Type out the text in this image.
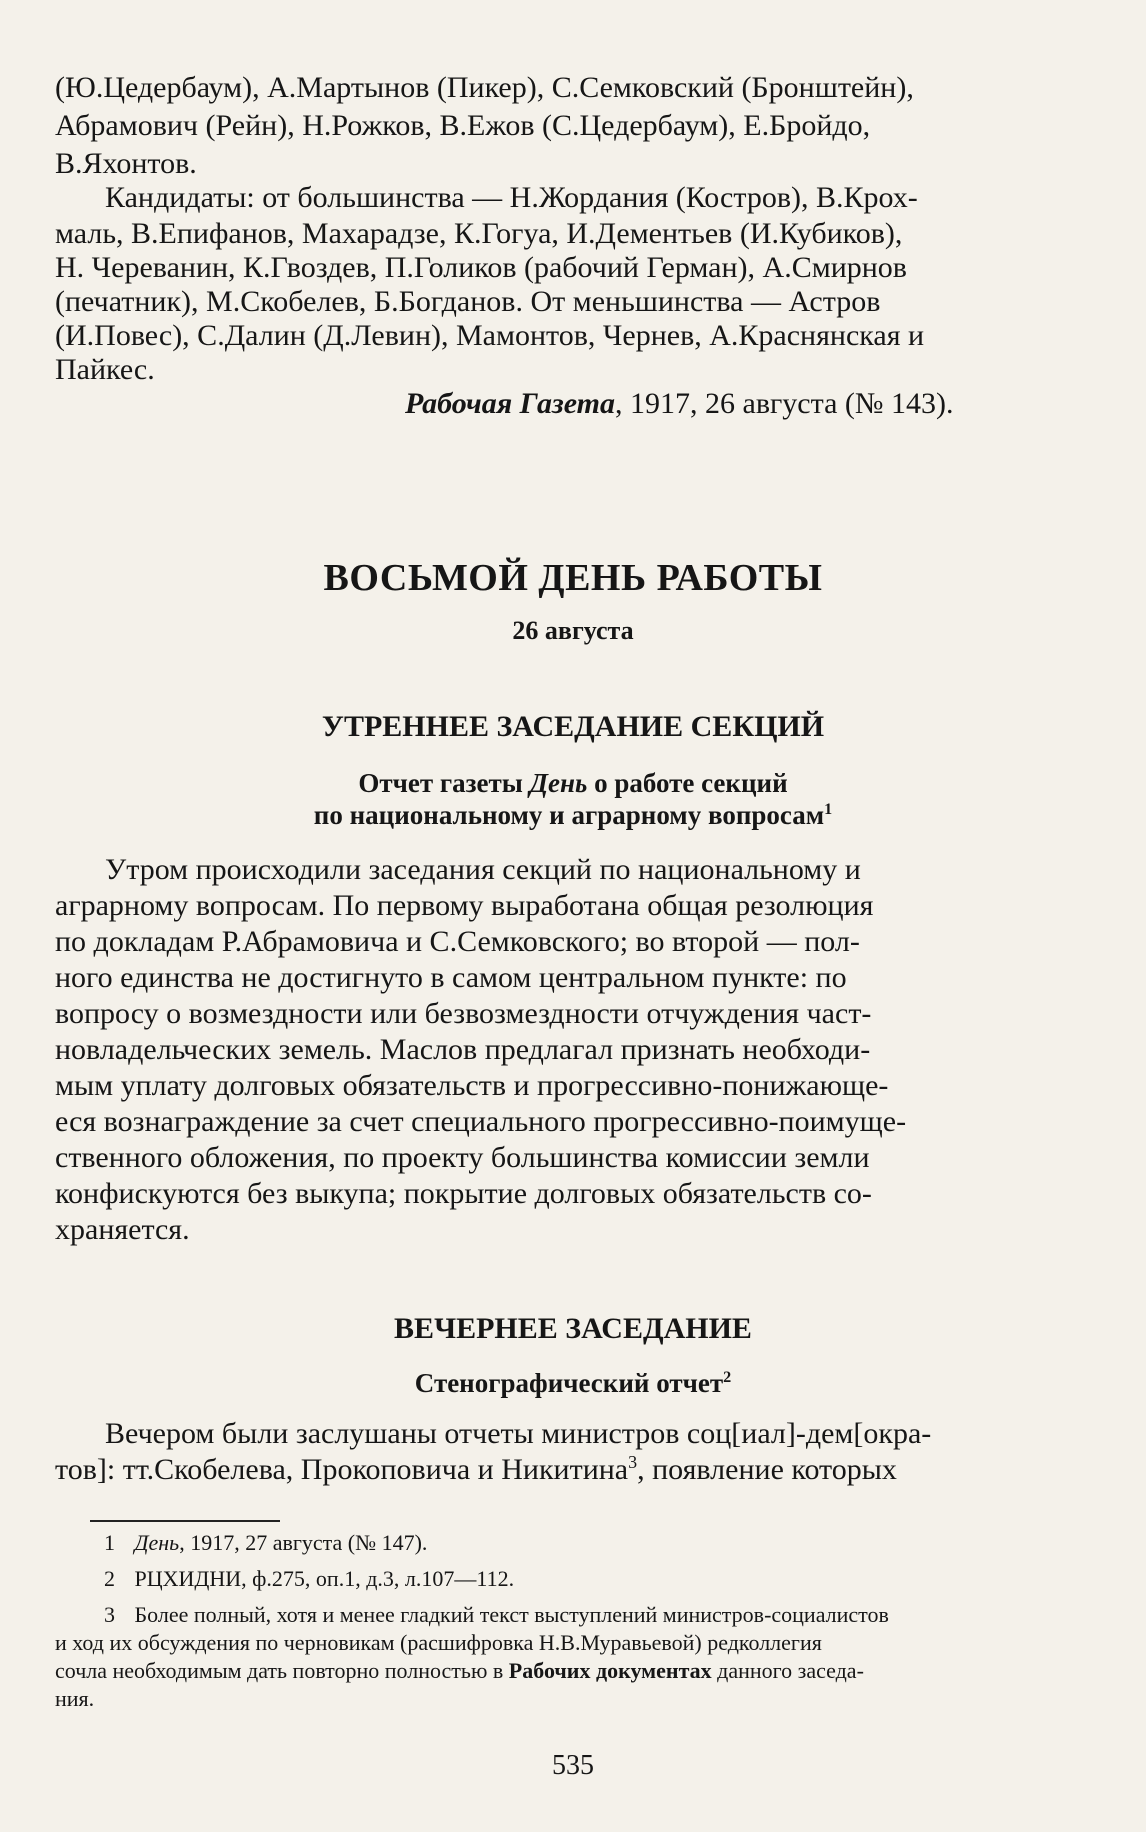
(Ю.Цедербаум), А.Мартынов (Пикер), С.Семковский (Бронштейн),
Абрамович (Рейн), Н.Рожков, В.Ежов (С.Цедербаум), Е.Бройдо,
В.Яхонтов.
Кандидаты: от большинства — Н.Жордания (Костров), В.Крох-
маль, В.Епифанов, Махарадзе, К.Гогуа, И.Дементьев (И.Кубиков),
Н. Череванин, К.Гвоздев, П.Голиков (рабочий Герман), А.Смирнов
(печатник), М.Скобелев, Б.Богданов. От меньшинства — Астров
(И.Повес), С.Далин (Д.Левин), Мамонтов, Чернев, А.Краснянская и
Пайкес.
Рабочая Газета, 1917, 26 августа (№ 143).
ВОСЬМОЙ ДЕНЬ РАБОТЫ
26 августа
УТРЕННЕЕ ЗАСЕДАНИЕ СЕКЦИЙ
Отчет газеты День о работе секций
по национальному и аграрному вопросам$^1$
Утром происходили заседания секций по национальному и
аграрному вопросам. По первому выработана общая резолюция
по докладам Р.Абрамовича и С.Семковского; во второй — пол-
ного единства не достигнуто в самом центральном пункте: по
вопросу о возмездности или безвозмездности отчуждения част-
новладельческих земель. Маслов предлагал признать необходи-
мым уплату долговых обязательств и прогрессивно-понижающе-
еся вознаграждение за счет специального прогрессивно-поимуще-
ственного обложения, по проекту большинства комиссии земли
конфискуются без выкупа; покрытие долговых обязательств со-
храняется.
ВЕЧЕРНЕЕ ЗАСЕДАНИЕ
Стенографический отчет$^2$
Вечером были заслушаны отчеты министров соц[иал]-дем[окра-
тов]: тт.Скобелева, Прокоповича и Никитина$^3$, появление которых
1 День, 1917, 27 августа (№ 147).
2 РЦХИДНИ, ф.275, оп.1, д.3, л.107—112.
3 Более полный, хотя и менее гладкий текст выступлений министров-социалистов
и ход их обсуждения по черновикам (расшифровка Н.В.Муравьевой) редколлегия
сочла необходимым дать повторно полностью в Рабочих документах данного заседа-
ния.
535
